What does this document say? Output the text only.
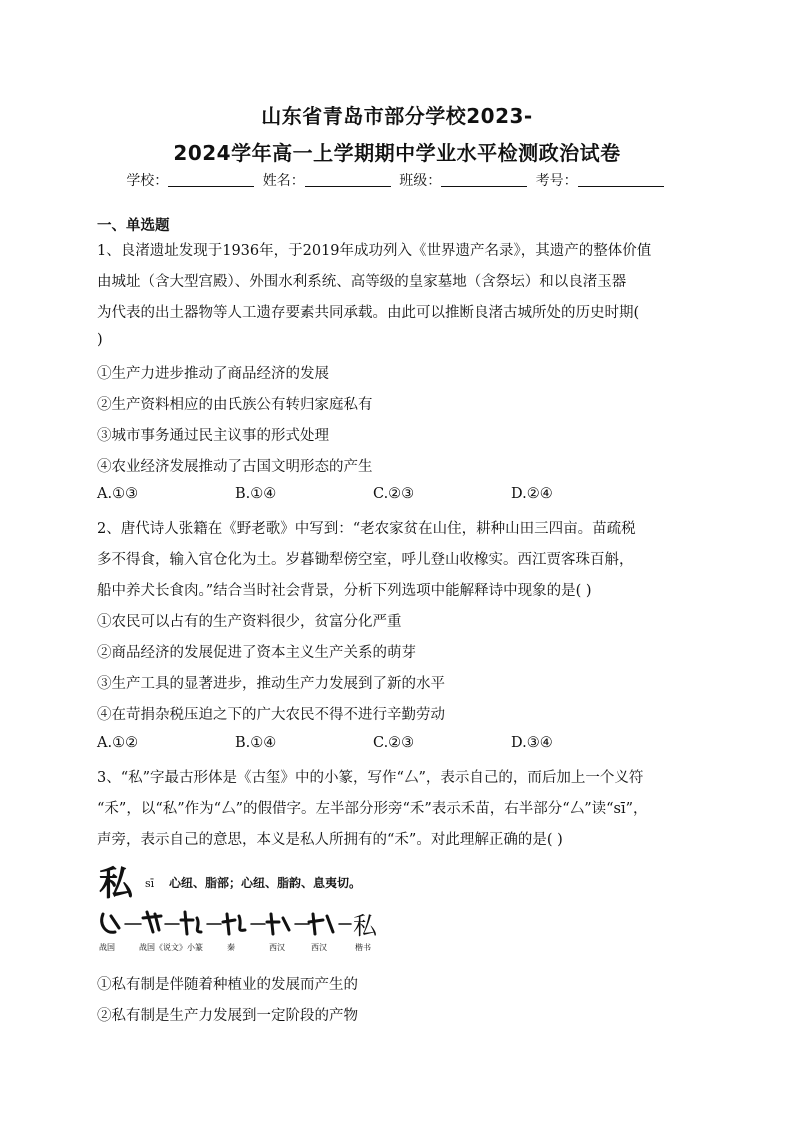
山东省青岛市部分学校2023-
2024学年高一上学期期中学业水平检测政治试卷
学校：	姓名：	班级：	考号：
一、单选题
1、良渚遗址发现于1936年，于2019年成功列入《世界遗产名录》，其遗产的整体价值
由城址（含大型宫殿）、外围水利系统、高等级的皇家墓地（含祭坛）和以良渚玉器
为代表的出土器物等人工遗存要素共同承载。由此可以推断良渚古城所处的历史时期(
)
①生产力进步推动了商品经济的发展
②生产资料相应的由氏族公有转归家庭私有
③城市事务通过民主议事的形式处理
④农业经济发展推动了古国文明形态的产生
A.①③	B.①④	C.②③	D.②④
2、唐代诗人张籍在《野老歌》中写到：“老农家贫在山住，耕种山田三四亩。苗疏税
多不得食，输入官仓化为土。岁暮锄犁傍空室，呼儿登山收橡实。西江贾客珠百斛，
船中养犬长食肉。”结合当时社会背景，分析下列选项中能解释诗中现象的是( )
①农民可以占有的生产资料很少，贫富分化严重
②商品经济的发展促进了资本主义生产关系的萌芽
③生产工具的显著进步，推动生产力发展到了新的水平
④在苛捐杂税压迫之下的广大农民不得不进行辛勤劳动
A.①②	B.①④	C.②③	D.③④
3、“私”字最古形体是《古玺》中的小篆，写作“厶”，表示自己的，而后加上一个义符
“禾”，以“私”作为“厶”的假借字。左半部分形旁“禾”表示禾苗，右半部分“厶”读“sī”，
声旁，表示自己的意思，本义是私人所拥有的“禾”。对此理解正确的是( )
私 sī 心纽、脂部；心纽、脂韵、息夷切。
私
战国	战国《说文》小篆	秦	西汉	西汉	楷书
①私有制是伴随着种植业的发展而产生的
②私有制是生产力发展到一定阶段的产物
